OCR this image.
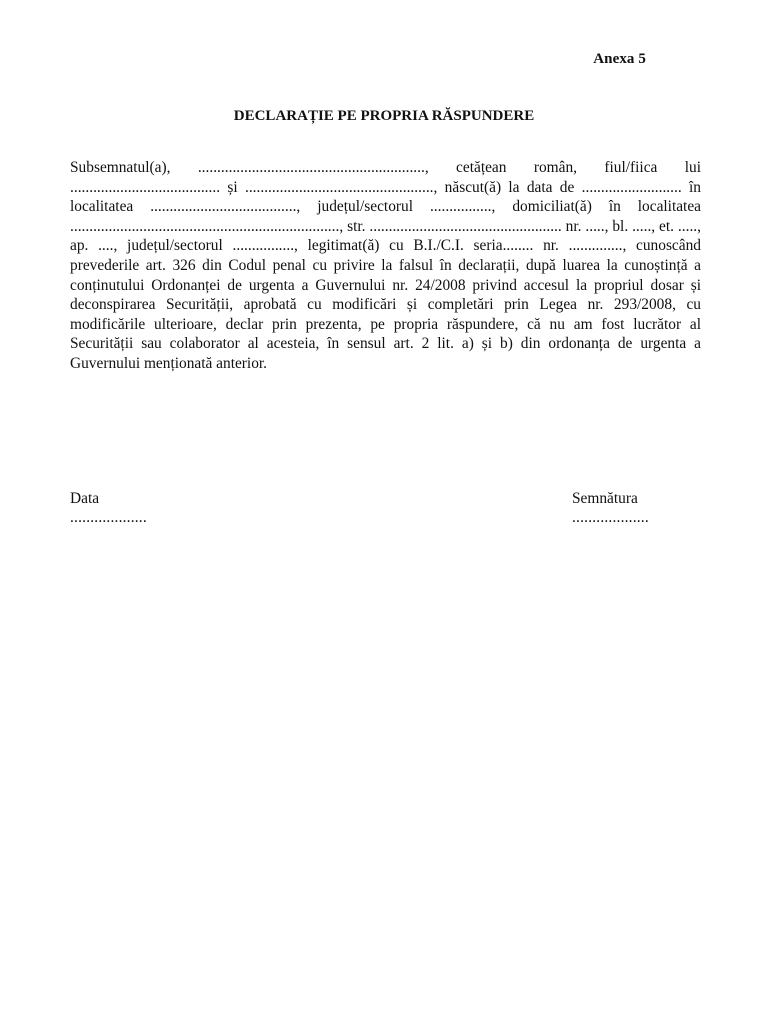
Anexa 5
DECLARAȚIE PE PROPRIA RĂSPUNDERE

Subsemnatul(a), ..........................................................., cetățean român, fiul/fiica lui ....................................... și ................................................., născut(ă) la data de .......................... în localitatea ......................................, județul/sectorul ................, domiciliat(ă) în localitatea ......................................................................, str. .................................................. nr. ....., bl. ....., et. ....., ap. ...., județul/sectorul ................, legitimat(ă) cu B.I./C.I. seria........ nr. .............., cunoscând prevederile art. 326 din Codul penal cu privire la falsul în declarații, după luarea la cunoștință a conținutului Ordonanței de urgenta a Guvernului nr. 24/2008 privind accesul la propriul dosar și deconspirarea Securității, aprobată cu modificări și completări prin Legea nr. 293/2008, cu modificările ulterioare, declar prin prezenta, pe propria răspundere, că nu am fost lucrător al Securității sau colaborator al acesteia, în sensul art. 2 lit. a) și b) din ordonanța de urgenta a Guvernului menționată anterior.

Data
...................
Semnătura
...................
